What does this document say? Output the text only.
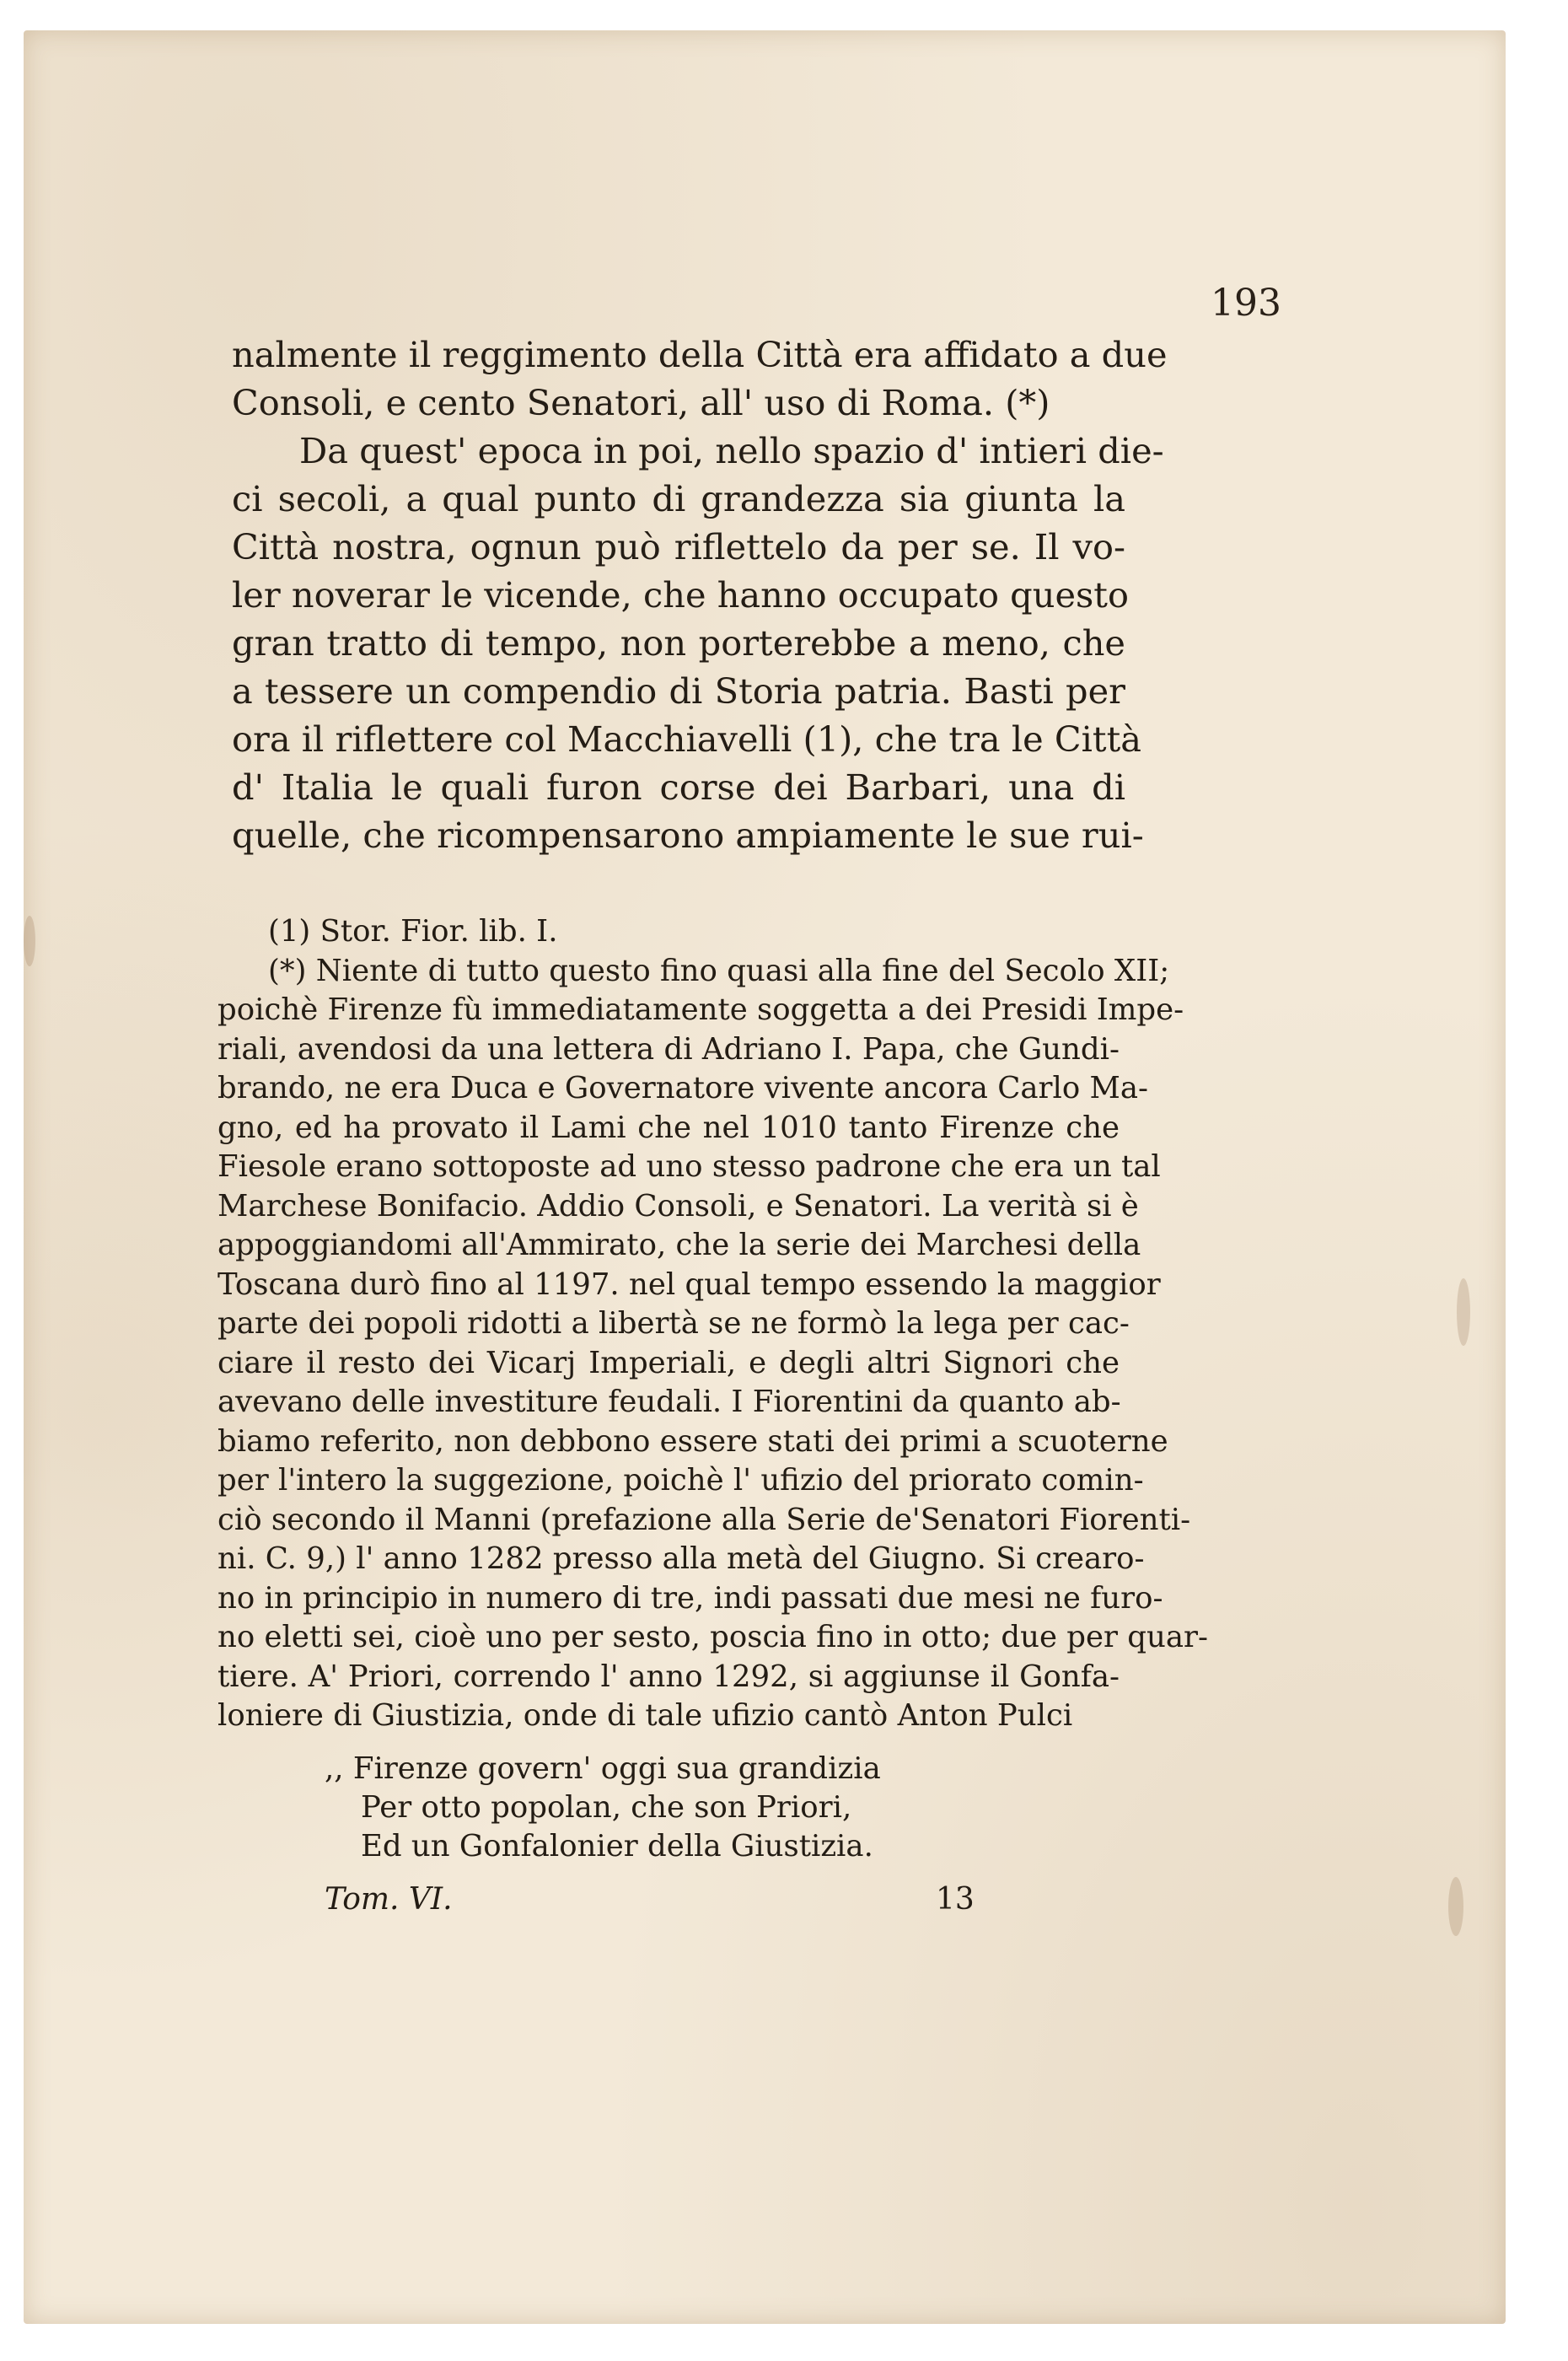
193
nalmente il reggimento della Città era affidato a due
Consoli, e cento Senatori, all' uso di Roma. (*)
Da quest' epoca in poi, nello spazio d' intieri die-
ci secoli, a qual punto di grandezza sia giunta la
Città nostra, ognun può riflettelo da per se. Il vo-
ler noverar le vicende, che hanno occupato questo
gran tratto di tempo, non porterebbe a meno, che
a tessere un compendio di Storia patria. Basti per
ora il riflettere col Macchiavelli (1), che tra le Città
d' Italia le quali furon corse dei Barbari, una di
quelle, che ricompensarono ampiamente le sue rui-
(1) Stor. Fior. lib. I.
(*) Niente di tutto questo fino quasi alla fine del Secolo XII;
poichè Firenze fù immediatamente soggetta a dei Presidi Impe-
riali, avendosi da una lettera di Adriano I. Papa, che Gundi-
brando, ne era Duca e Governatore vivente ancora Carlo Ma-
gno, ed ha provato il Lami che nel 1010 tanto Firenze che
Fiesole erano sottoposte ad uno stesso padrone che era un tal
Marchese Bonifacio. Addio Consoli, e Senatori. La verità si è
appoggiandomi all'Ammirato, che la serie dei Marchesi della
Toscana durò fino al 1197. nel qual tempo essendo la maggior
parte dei popoli ridotti a libertà se ne formò la lega per cac-
ciare il resto dei Vicarj Imperiali, e degli altri Signori che
avevano delle investiture feudali. I Fiorentini da quanto ab-
biamo referito, non debbono essere stati dei primi a scuoterne
per l'intero la suggezione, poichè l' ufizio del priorato comin-
ciò secondo il Manni (prefazione alla Serie de'Senatori Fiorenti-
ni. C. 9,) l' anno 1282 presso alla metà del Giugno. Si crearo-
no in principio in numero di tre, indi passati due mesi ne furo-
no eletti sei, cioè uno per sesto, poscia fino in otto; due per quar-
tiere. A' Priori, correndo l' anno 1292, si aggiunse il Gonfa-
loniere di Giustizia, onde di tale ufizio cantò Anton Pulci
,, Firenze govern' oggi sua grandizia
Per otto popolan, che son Priori,
Ed un Gonfalonier della Giustizia.
Tom. VI.	13
